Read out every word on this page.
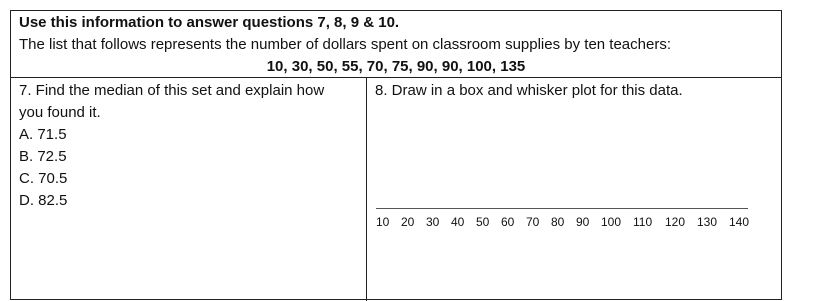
Use this information to answer questions 7, 8, 9 & 10.
The list that follows represents the number of dollars spent on classroom supplies by ten teachers:
10, 30, 50, 55, 70, 75, 90, 90, 100, 135
7. Find the median of this set and explain how you found it.
A. 71.5
B. 72.5
C. 70.5
D. 82.5
8. Draw in a box and whisker plot for this data.
10 20 30 40 50 60 70 80 90 100 110 120 130 140
